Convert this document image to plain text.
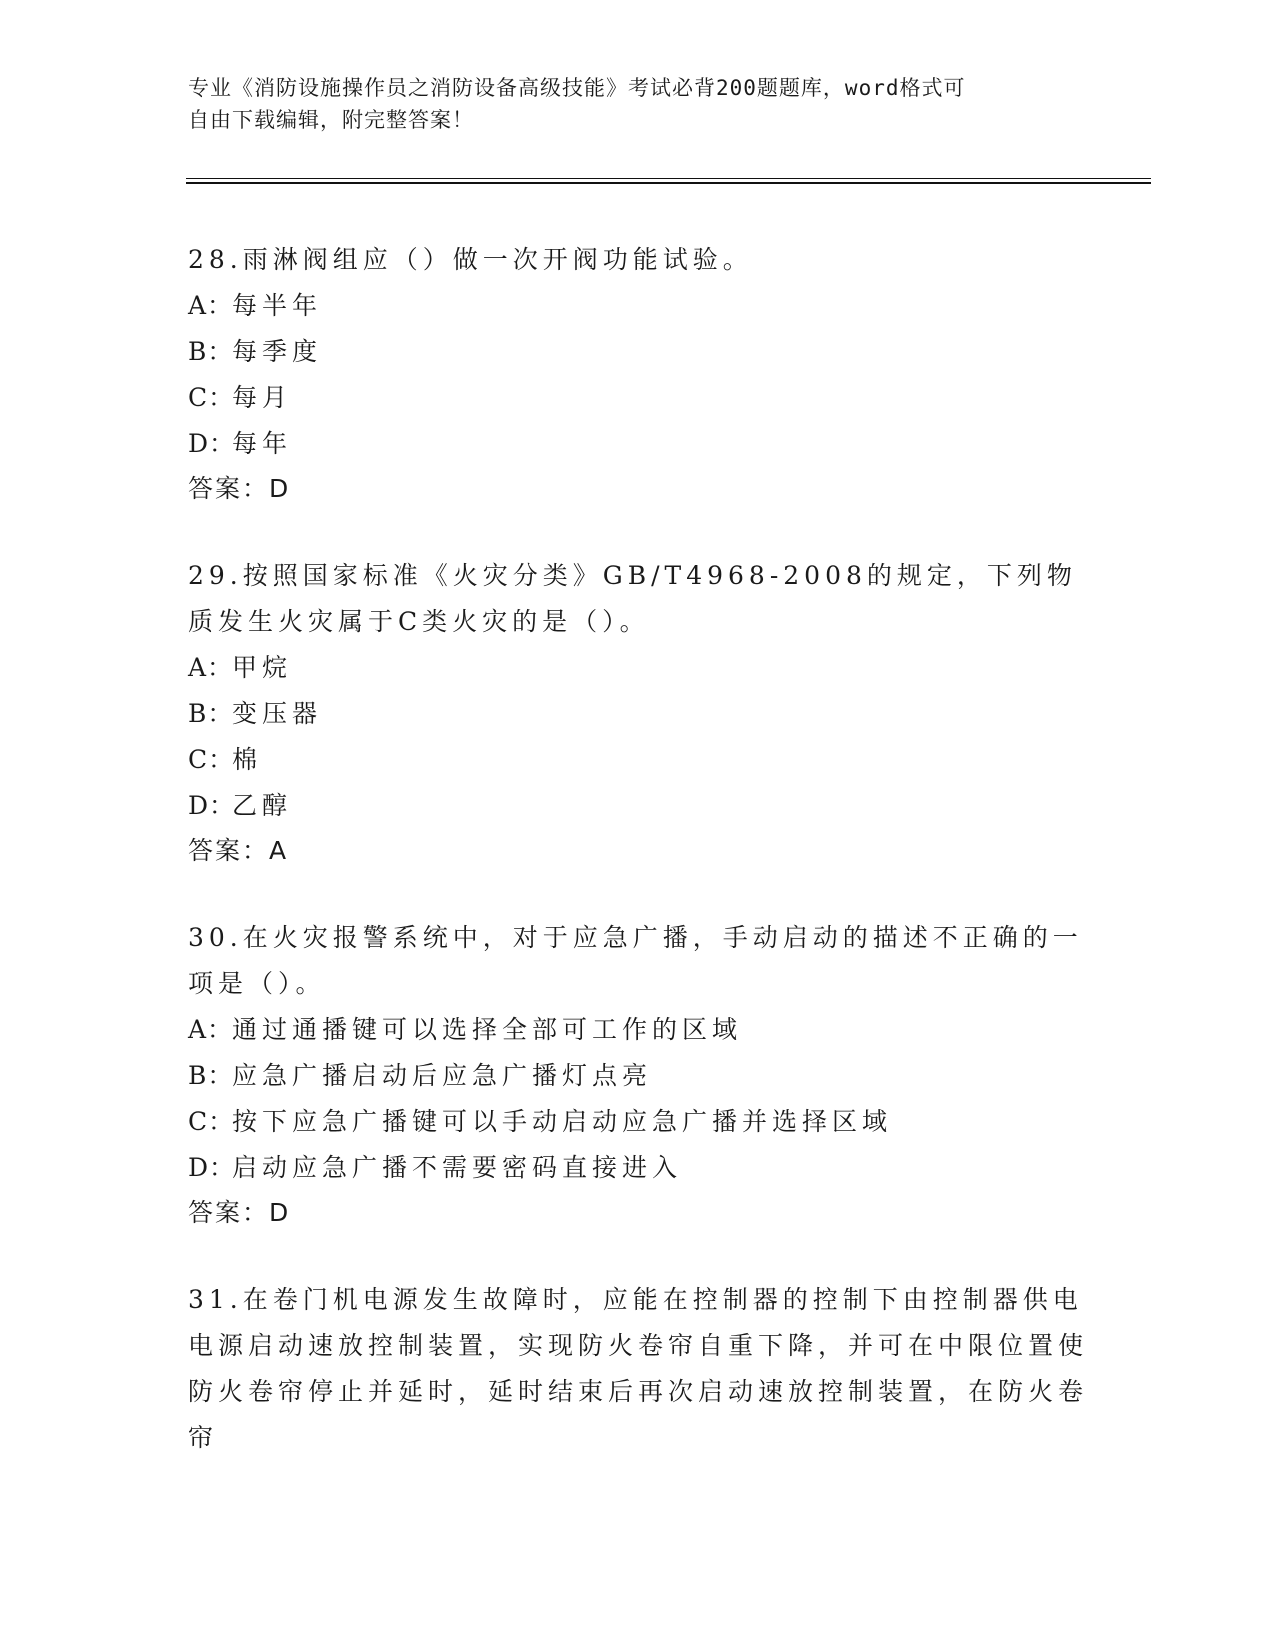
专业《消防设施操作员之消防设备高级技能》考试必背200题题库，word格式可
自由下载编辑，附完整答案！

28.雨淋阀组应（）做一次开阀功能试验。

A：每半年

B：每季度

C：每月

D：每年

答案：D

29.按照国家标准《火灾分类》GB/T4968-2008的规定，下列物质发生火灾属于C类火灾的是（）。

A：甲烷

B：变压器

C：棉

D：乙醇

答案：A

30.在火灾报警系统中，对于应急广播，手动启动的描述不正确的一项是（）。

A：通过通播键可以选择全部可工作的区域

B：应急广播启动后应急广播灯点亮

C：按下应急广播键可以手动启动应急广播并选择区域

D：启动应急广播不需要密码直接进入

答案：D

31.在卷门机电源发生故障时，应能在控制器的控制下由控制器供电电源启动速放控制装置，实现防火卷帘自重下降，并可在中限位置使防火卷帘停止并延时，延时结束后再次启动速放控制装置，在防火卷帘
